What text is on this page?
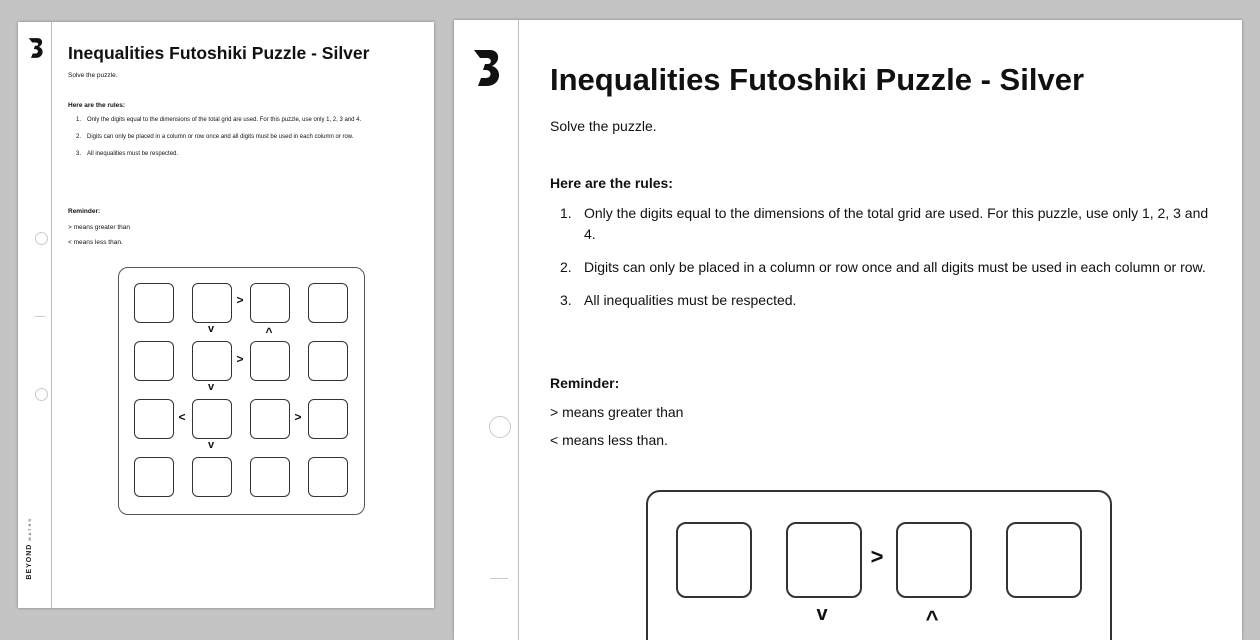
BEYOND MATHS
Inequalities Futoshiki Puzzle - Silver
Solve the puzzle.
Here are the rules:
1. Only the digits equal to the dimensions of the total grid are used. For this puzzle, use only 1, 2, 3 and 4.
2. Digits can only be placed in a column or row once and all digits must be used in each column or row.
3. All inequalities must be respected.
Reminder:
> means greater than
< means less than.
>
v	^
>
v
<	>
v
Inequalities Futoshiki Puzzle - Silver
Solve the puzzle.
Here are the rules:
1. Only the digits equal to the dimensions of the total grid are used. For this puzzle, use only 1, 2, 3 and 4.
2. Digits can only be placed in a column or row once and all digits must be used in each column or row.
3. All inequalities must be respected.
Reminder:
> means greater than
< means less than.
>
v	^
